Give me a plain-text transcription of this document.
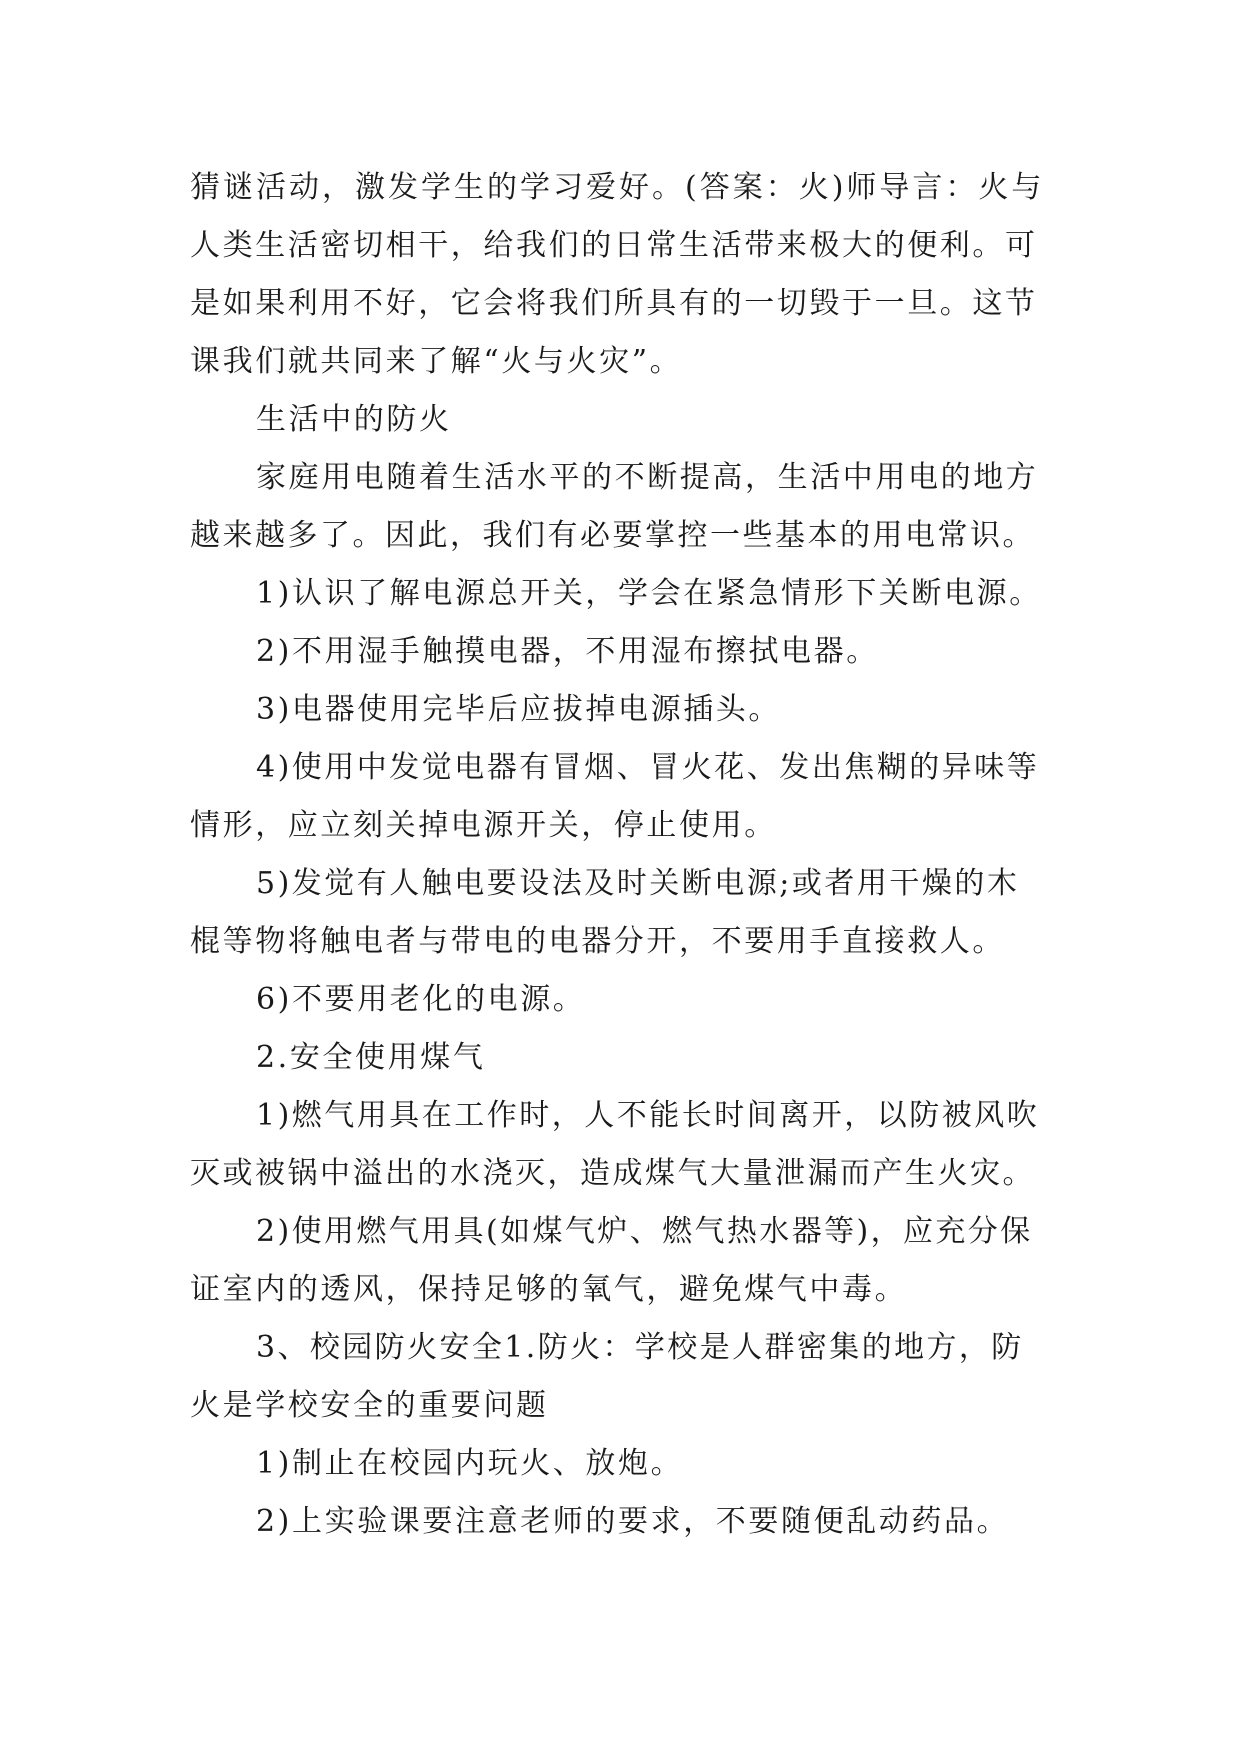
猜谜活动，激发学生的学习爱好。(答案：火)师导言：火与
人类生活密切相干，给我们的日常生活带来极大的便利。可
是如果利用不好，它会将我们所具有的一切毁于一旦。这节
课我们就共同来了解“火与火灾”。
生活中的防火
家庭用电随着生活水平的不断提高，生活中用电的地方
越来越多了。因此，我们有必要掌控一些基本的用电常识。
1)认识了解电源总开关，学会在紧急情形下关断电源。
2)不用湿手触摸电器，不用湿布擦拭电器。
3)电器使用完毕后应拔掉电源插头。
4)使用中发觉电器有冒烟、冒火花、发出焦糊的异味等
情形，应立刻关掉电源开关，停止使用。
5)发觉有人触电要设法及时关断电源;或者用干燥的木
棍等物将触电者与带电的电器分开，不要用手直接救人。
6)不要用老化的电源。
2.安全使用煤气
1)燃气用具在工作时，人不能长时间离开，以防被风吹
灭或被锅中溢出的水浇灭，造成煤气大量泄漏而产生火灾。
2)使用燃气用具(如煤气炉、燃气热水器等)，应充分保
证室内的透风，保持足够的氧气，避免煤气中毒。
3、校园防火安全1.防火：学校是人群密集的地方，防
火是学校安全的重要问题
1)制止在校园内玩火、放炮。
2)上实验课要注意老师的要求，不要随便乱动药品。
